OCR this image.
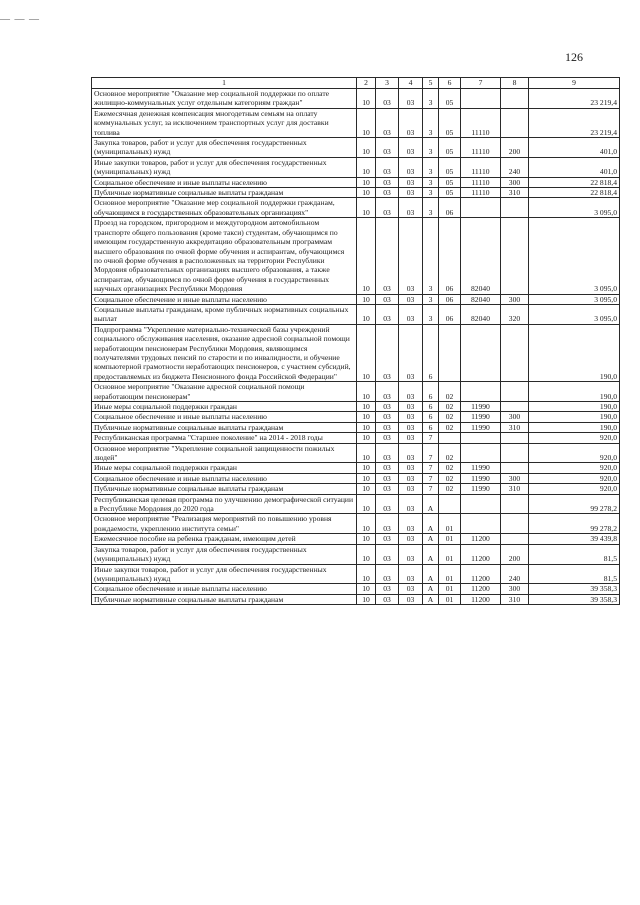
— — —
126
1	2	3	4	5	6	7	8	9
Основное мероприятие "Оказание мер социальной поддержки по оплате жилищно-коммунальных услуг отдельным категориям граждан"	10	03	03	3	05			23 219,4
Ежемесячная денежная компенсация многодетным семьям на оплату коммунальных услуг, за исключением транспортных услуг для доставки топлива	10	03	03	3	05	11110		23 219,4
Закупка товаров, работ и услуг для обеспечения государственных (муниципальных) нужд	10	03	03	3	05	11110	200	401,0
Иные закупки товаров, работ и услуг для обеспечения государственных (муниципальных) нужд	10	03	03	3	05	11110	240	401,0
Социальное обеспечение и иные выплаты населению	10	03	03	3	05	11110	300	22 818,4
Публичные нормативные социальные выплаты гражданам	10	03	03	3	05	11110	310	22 818,4
Основное мероприятие "Оказание мер социальной поддержки гражданам, обучающимся в государственных образовательных организациях"	10	03	03	3	06			3 095,0
Проезд на городском, пригородном и междугородном автомобильном транспорте общего пользования (кроме такси) студентам, обучающимся по имеющим государственную аккредитацию образовательным программам высшего образования по очной форме обучения и аспирантам, обучающимся по очной форме обучения в расположенных на территории Республики Мордовия образовательных организациях высшего образования, а также аспирантам, обучающимся по очной форме обучения в государственных научных организациях Республики Мордовия	10	03	03	3	06	82040		3 095,0
Социальное обеспечение и иные выплаты населению	10	03	03	3	06	82040	300	3 095,0
Социальные выплаты гражданам, кроме публичных нормативных социальных выплат	10	03	03	3	06	82040	320	3 095,0
Подпрограмма "Укрепление материально-технической базы учреждений социального обслуживания населения, оказание адресной социальной помощи неработающим пенсионерам Республики Мордовия, являющимся получателями трудовых пенсий по старости и по инвалидности, и обучение компьютерной грамотности неработающих пенсионеров, с участием субсидий, предоставляемых из бюджета Пенсионного фонда Российской Федерации"	10	03	03	6				190,0
Основное мероприятие "Оказание адресной социальной помощи неработающим пенсионерам"	10	03	03	6	02			190,0
Иные меры социальной поддержки граждан	10	03	03	6	02	11990		190,0
Социальное обеспечение и иные выплаты населению	10	03	03	6	02	11990	300	190,0
Публичные нормативные социальные выплаты гражданам	10	03	03	6	02	11990	310	190,0
Республиканская программа "Старшее поколение" на 2014 - 2018 годы	10	03	03	7				920,0
Основное мероприятие "Укрепление социальной защищенности пожилых людей"	10	03	03	7	02			920,0
Иные меры социальной поддержки граждан	10	03	03	7	02	11990		920,0
Социальное обеспечение и иные выплаты населению	10	03	03	7	02	11990	300	920,0
Публичные нормативные социальные выплаты гражданам	10	03	03	7	02	11990	310	920,0
Республиканская целевая программа по улучшению демографической ситуации в Республике Мордовия до 2020 года	10	03	03	А				99 278,2
Основное мероприятие "Реализация мероприятий по повышению уровня рождаемости, укреплению института семьи"	10	03	03	А	01			99 278,2
Ежемесячное пособие на ребенка гражданам, имеющим детей	10	03	03	А	01	11200		39 439,8
Закупка товаров, работ и услуг для обеспечения государственных (муниципальных) нужд	10	03	03	А	01	11200	200	81,5
Иные закупки товаров, работ и услуг для обеспечения государственных (муниципальных) нужд	10	03	03	А	01	11200	240	81,5
Социальное обеспечение и иные выплаты населению	10	03	03	А	01	11200	300	39 358,3
Публичные нормативные социальные выплаты гражданам	10	03	03	А	01	11200	310	39 358,3
